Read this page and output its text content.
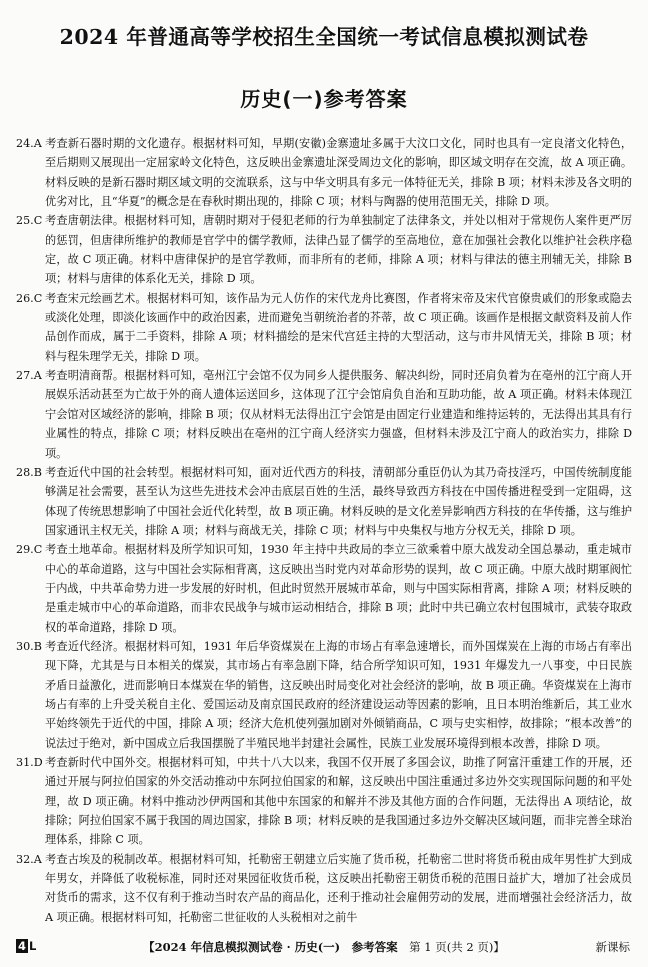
2024 年普通高等学校招生全国统一考试信息模拟测试卷
历史(一)参考答案

24.A 考查新石器时期的文化遗存。根据材料可知，早期(安徽)金寨遗址多属于大汶口文化，同时也具有一定良渚文化特色，至后期则又展现出一定屈家岭文化特色，这反映出金寨遗址深受周边文化的影响，即区域文明存在交流，故 A 项正确。材料反映的是新石器时期区域文明的交流联系，这与中华文明具有多元一体特征无关，排除 B 项；材料未涉及各文明的优劣对比，且“华夏”的概念是在春秋时期出现的，排除 C 项；材料与陶器的使用范围无关，排除 D 项。

25.C 考查唐朝法律。根据材料可知，唐朝时期对于侵犯老师的行为单独制定了法律条文，并处以相对于常规伤人案件更严厉的惩罚，但唐律所维护的教师是官学中的儒学教师，法律凸显了儒学的至高地位，意在加强社会教化以维护社会秩序稳定，故 C 项正确。材料中唐律保护的是官学教师，而非所有的老师，排除 A 项；材料与律法的德主刑辅无关，排除 B 项；材料与唐律的体系化无关，排除 D 项。

26.C 考查宋元绘画艺术。根据材料可知，该作品为元人仿作的宋代龙舟比赛图，作者将宋帝及宋代官僚贵戚们的形象或隐去或淡化处理，即淡化该画作中的政治因素，进而避免当朝统治者的芥蒂，故 C 项正确。该画作是根据文献资料及前人作品创作而成，属于二手资料，排除 A 项；材料描绘的是宋代宫廷主持的大型活动，这与市井风情无关，排除 B 项；材料与程朱理学无关，排除 D 项。

27.A 考查明清商帮。根据材料可知，亳州江宁会馆不仅为同乡人提供服务、解决纠纷，同时还肩负着为在亳州的江宁商人开展娱乐活动甚至为亡故于外的商人遗体运送回乡，这体现了江宁会馆肩负自治和互助功能，故 A 项正确。材料未体现江宁会馆对区域经济的影响，排除 B 项；仅从材料无法得出江宁会馆是由固定行业建造和维持运转的，无法得出其具有行业属性的特点，排除 C 项；材料反映出在亳州的江宁商人经济实力强盛，但材料未涉及江宁商人的政治实力，排除 D 项。

28.B 考查近代中国的社会转型。根据材料可知，面对近代西方的科技，清朝部分重臣仍认为其乃奇技淫巧，中国传统制度能够满足社会需要，甚至认为这些先进技术会冲击底层百姓的生活，最终导致西方科技在中国传播进程受到一定阻碍，这体现了传统思想影响了中国社会近代化转型，故 B 项正确。材料反映的是文化差异影响西方科技的在华传播，这与维护国家通讯主权无关，排除 A 项；材料与商战无关，排除 C 项；材料与中央集权与地方分权无关，排除 D 项。

29.C 考查土地革命。根据材料及所学知识可知，1930 年主持中共政局的李立三欲乘着中原大战发动全国总暴动，重走城市中心的革命道路，这与中国社会实际相背离，这反映出当时党内对革命形势的误判，故 C 项正确。中原大战时期軍阀忙于内战，中共革命势力进一步发展的好时机，但此时贸然开展城市革命，则与中国实际相背离，排除 A 项；材料反映的是重走城市中心的革命道路，而非农民战争与城市运动相结合，排除 B 项；此时中共已确立农村包围城市，武装夺取政权的革命道路，排除 D 项。

30.B 考查近代经济。根据材料可知，1931 年后华资煤炭在上海的市场占有率急速增长，而外国煤炭在上海的市场占有率出现下降，尤其是与日本相关的煤炭，其市场占有率急剧下降，结合所学知识可知，1931 年爆发九一八事变，中日民族矛盾日益激化，进而影响日本煤炭在华的销售，这反映出时局变化对社会经济的影响，故 B 项正确。华资煤炭在上海市场占有率的上升受关税自主化、爱国运动及南京国民政府的经济建设运动等因素的影响，且日本明治维新后，其工业水平始终领先于近代的中国，排除 A 项；经济大危机使列强加剧对外倾销商品，C 项与史实相悖，故排除；“根本改善”的说法过于绝对，新中国成立后我国摆脱了半殖民地半封建社会属性，民族工业发展环境得到根本改善，排除 D 项。

31.D 考查新时代中国外交。根据材料可知，中共十八大以来，我国不仅开展了多国会议，助推了阿富汗重建工作的开展，还通过开展与阿拉伯国家的外交活动推动中东阿拉伯国家的和解，这反映出中国注重通过多边外交实现国际问题的和平处理，故 D 项正确。材料中推动沙伊两国和其他中东国家的和解并不涉及其他方面的合作问题，无法得出 A 项结论，故排除；阿拉伯国家不属于我国的周边国家，排除 B 项；材料反映的是我国通过多边外交解决区域问题，而非完善全球治理体系，排除 C 项。

32.A 考查古埃及的税制改革。根据材料可知，托勒密王朝建立后实施了货币税，托勒密二世时将货币税由成年男性扩大到成年男女，并降低了收税标准，同时还对果园征收货币税，这反映出托勒密王朝货币税的范围日益扩大，增加了社会成员对货币的需求，这不仅有利于推动当时农产品的商品化，还利于推动社会雇佣劳动的发展，进而增强社会经济活力，故 A 项正确。根据材料可知，托勒密二世征收的人头税相对之前牛

4 L	【2024 年信息模拟测试卷 · 历史(一)　参考答案　 第 1 页(共 2 页)】	新课标
